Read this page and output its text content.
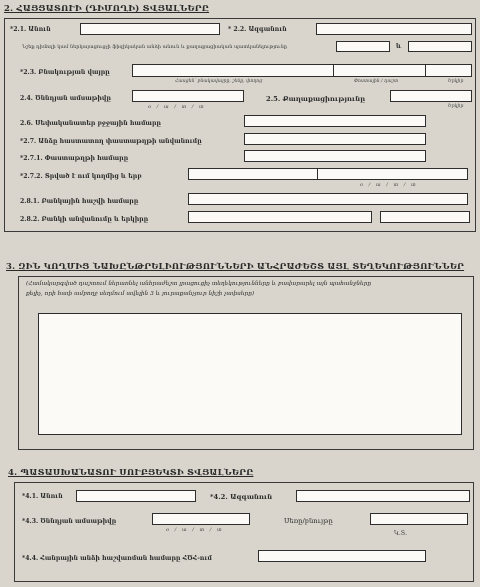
2. ՀԱՅՑԱՏՈՒԻ (ԴԻՄՈՂԻ) ՏՎՅԱԼՆԵՐԸ
*2.1. Անուն	* 2.2. Ազգանուն
Նշեք դիմողի կամ ներկայացուցչի ֆիզիկական անձի անուն և քաղաքացիական պատկանելությունը	և
*2.3. Բնակության վայրը
Հասցեն՝ բնակավայրը, շենք, փողոց	Փոստային / դաշտ	Երկիր
2.4. Ծննդյան ամսաթիվը
օ / ա / տ / տ
2.5. Քաղաքացիությունը
Երկիր
2.6. Սեփականատեր բջջային համարը
*2.7. Անձը հաստատող փաստաթղթի անվանումը
*2.7.1. Փաստաթղթի համարը
*2.7.2. Տրված է ում կողմից և երբ
օ / ա / տ / տ
2.8.1. Բանկային հաշվի համարը
2.8.2. Բանկի անվանումը և երկիրը
3. ԶԻՆ ԿՈՂՄԻՑ ՆԱԽԸՆԹՐԵԼԻՈՒԹՅՈՒՆՆԵՐԻ ԱՆՀՐԱԺԵՇՏ ԱՅԼ ՏԵՂԵԿՈՒԹՅՈՒՆՆԵՐ
(Համակարգված դաշտում ներառնել անհրաժեշտ լրացուցիչ տեղեկությունները և բավարարել այն պահանջները
քելիչ, որի հափ ամբողջ սեղմում ավելին 3 և յուրաքանչյուր նիշի չափսերը)
4. ՊԱՏԱՍԽԱՆԱՏՈՒ ՍՈՒԲՅԵԿՏԻ ՏՎՅԱԼՆԵՐԸ
*4.1. Անուն	*4.2. Ազգանուն
*4.3. Ծննդյան ամսաթիվը
օ / ա / տ / տ
Սեռը/բնույթը
Կ.Տ.
*4.4. Հանրային անձի հաշվառման համարը ՀԾՀ-ում
